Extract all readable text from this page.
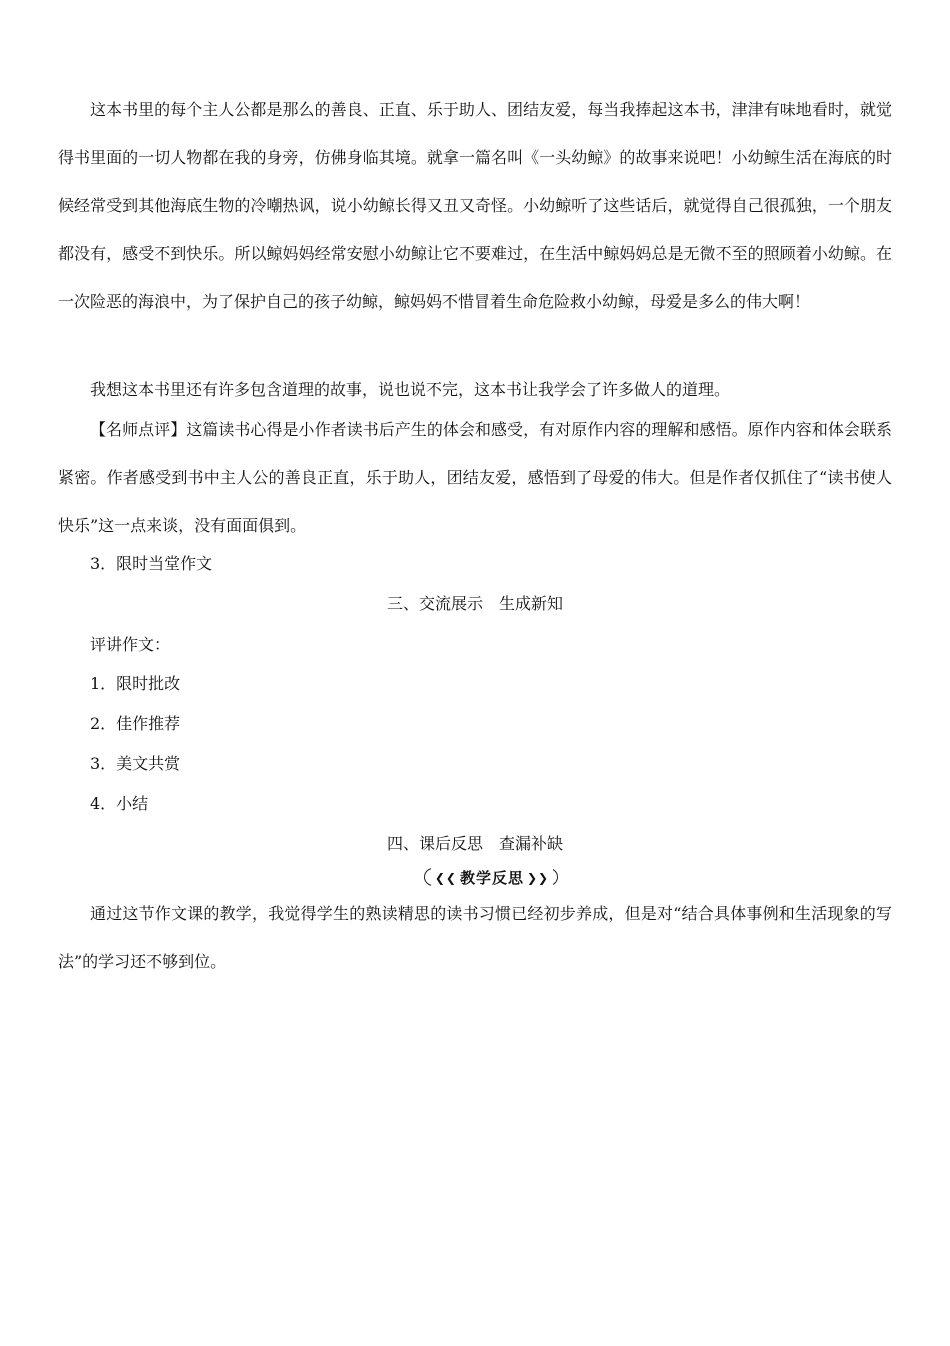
这本书里的每个主人公都是那么的善良、正直、乐于助人、团结友爱，每当我捧起这本书，津津有味地看时，就觉得书里面的一切人物都在我的身旁，仿佛身临其境。就拿一篇名叫《一头幼鲸》的故事来说吧！小幼鲸生活在海底的时候经常受到其他海底生物的冷嘲热讽，说小幼鲸长得又丑又奇怪。小幼鲸听了这些话后，就觉得自己很孤独，一个朋友都没有，感受不到快乐。所以鲸妈妈经常安慰小幼鲸让它不要难过，在生活中鲸妈妈总是无微不至的照顾着小幼鲸。在一次险恶的海浪中，为了保护自己的孩子幼鲸，鲸妈妈不惜冒着生命危险救小幼鲸，母爱是多么的伟大啊！

我想这本书里还有许多包含道理的故事，说也说不完，这本书让我学会了许多做人的道理。

【名师点评】这篇读书心得是小作者读书后产生的体会和感受，有对原作内容的理解和感悟。原作内容和体会联系紧密。作者感受到书中主人公的善良正直，乐于助人，团结友爱，感悟到了母爱的伟大。但是作者仅抓住了“读书使人快乐”这一点来谈，没有面面俱到。

3．限时当堂作文

三、交流展示　生成新知

评讲作文：

1．限时批改

2．佳作推荐

3．美文共赏

4．小结

四、课后反思　查漏补缺
❮❮ 教学反思 ❯❯

通过这节作文课的教学，我觉得学生的熟读精思的读书习惯已经初步养成，但是对“结合具体事例和生活现象的写法”的学习还不够到位。
